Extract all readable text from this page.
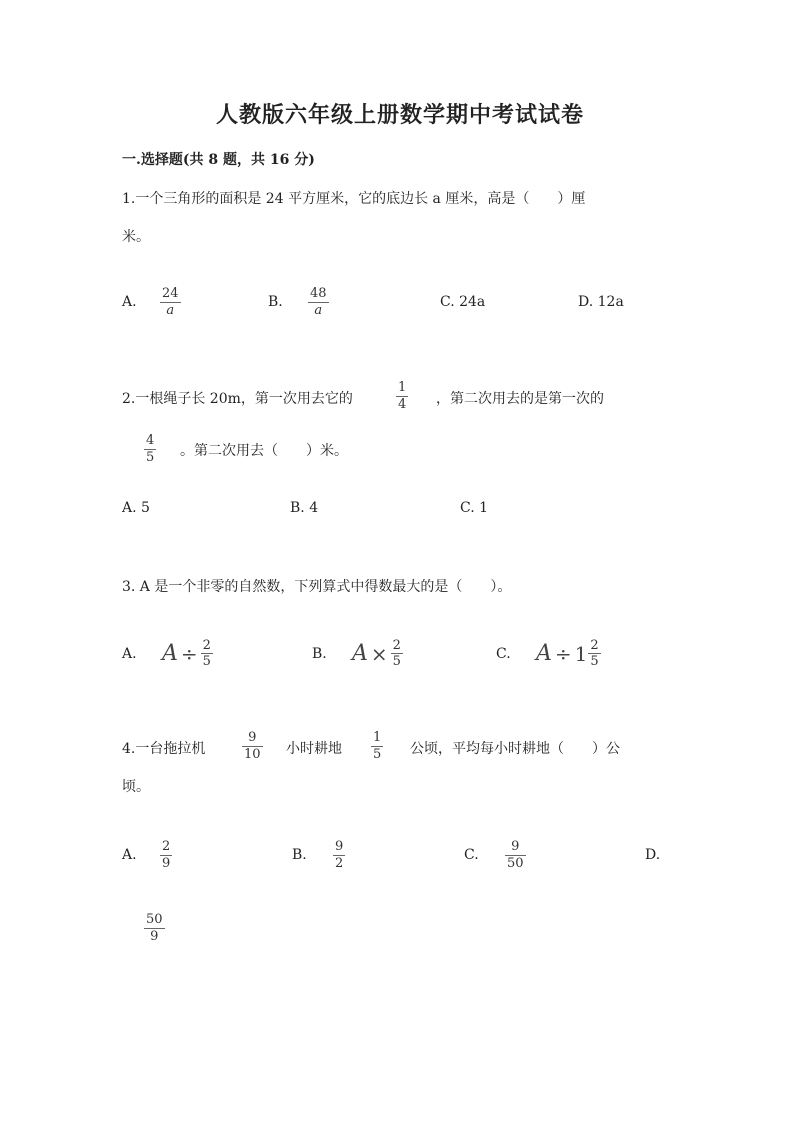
人教版六年级上册数学期中考试试卷
一.选择题(共 8 题，共 16 分)
1.一个三角形的面积是 24 平方厘米，它的底边长 a 厘米，高是（　　）厘
米。
A.
24
a
B.
48
a
C. 24a	D. 12a
2.一根绳子长 20m，第一次用去它的
1
4 ，第二次用去的是第一次的
4
5 。第二次用去（　　）米。
A. 5	B. 4	C. 1
3. A 是一个非零的自然数，下列算式中得数最大的是（　　）。
A. $A \div \frac{2}{5}$	B. $A \times \frac{2}{5}$	C. $A \div 1 \frac{2}{5}$
4.一台拖拉机
9
10 小时耕地
1
5 公顷，平均每小时耕地（　　）公
顷。
A.
2
9
B.
9
2
C.
9
50
D.
50
9
